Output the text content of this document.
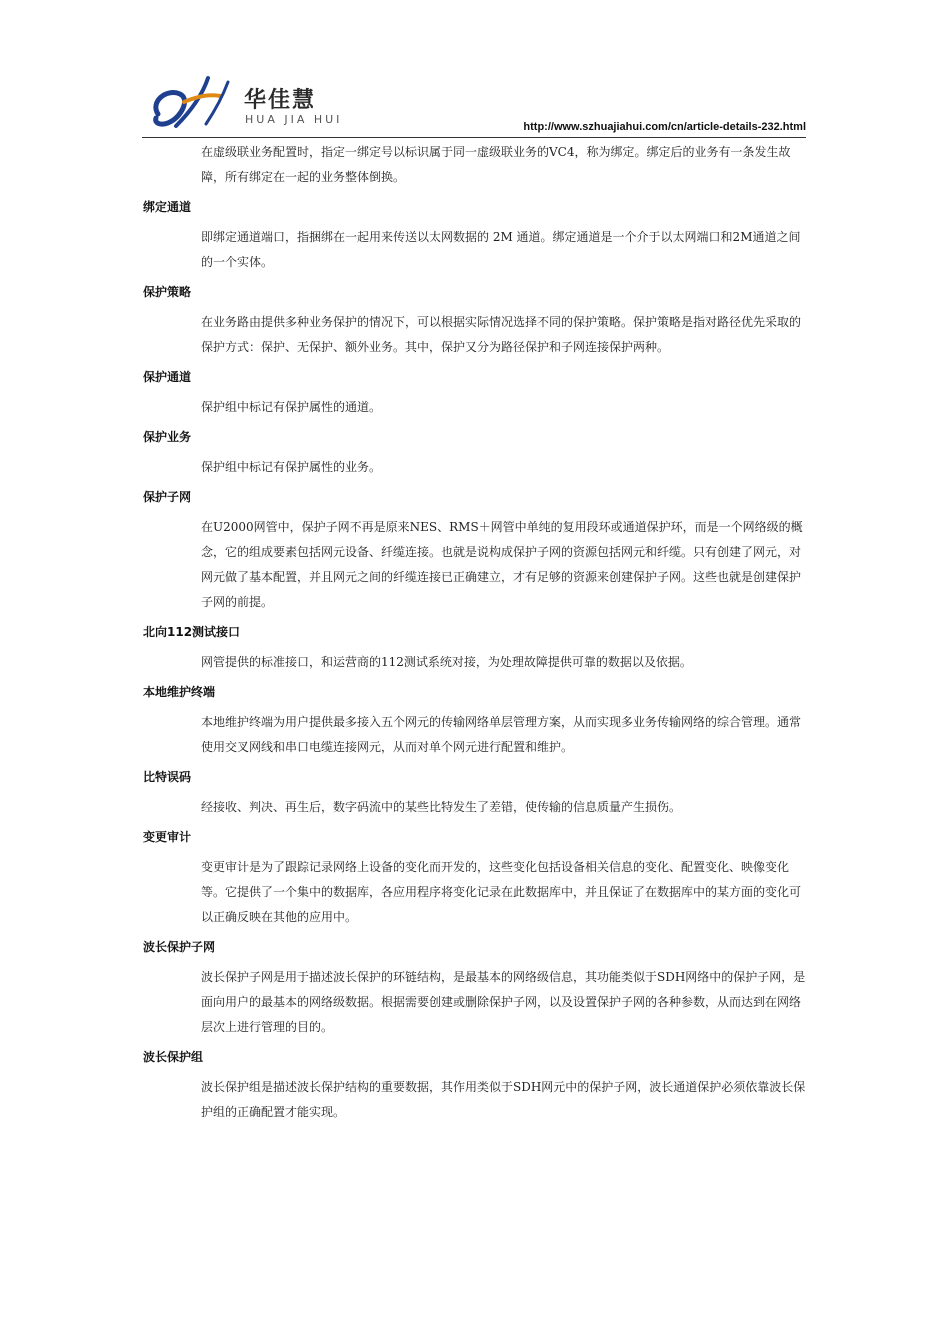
华佳慧
HUA JIA HUI
http://www.szhuajiahui.com/cn/article-details-232.html

在虚级联业务配置时，指定一绑定号以标识属于同一虚级联业务的VC4，称为绑定。绑定后的业务有一条发生故障，所有绑定在一起的业务整体倒换。

绑定通道

即绑定通道端口，指捆绑在一起用来传送以太网数据的 2M 通道。绑定通道是一个介于以太网端口和2M通道之间的一个实体。

保护策略

在业务路由提供多种业务保护的情况下，可以根据实际情况选择不同的保护策略。保护策略是指对路径优先采取的保护方式：保护、无保护、额外业务。其中，保护又分为路径保护和子网连接保护两种。

保护通道

保护组中标记有保护属性的通道。

保护业务

保护组中标记有保护属性的业务。

保护子网

在U2000网管中，保护子网不再是原来NES、RMS＋网管中单纯的复用段环或通道保护环，而是一个网络级的概念，它的组成要素包括网元设备、纤缆连接。也就是说构成保护子网的资源包括网元和纤缆。只有创建了网元，对网元做了基本配置，并且网元之间的纤缆连接已正确建立，才有足够的资源来创建保护子网。这些也就是创建保护子网的前提。

北向112测试接口

网管提供的标准接口，和运营商的112测试系统对接，为处理故障提供可靠的数据以及依据。

本地维护终端

本地维护终端为用户提供最多接入五个网元的传输网络单层管理方案，从而实现多业务传输网络的综合管理。通常使用交叉网线和串口电缆连接网元，从而对单个网元进行配置和维护。

比特误码

经接收、判决、再生后，数字码流中的某些比特发生了差错，使传输的信息质量产生损伤。

变更审计

变更审计是为了跟踪记录网络上设备的变化而开发的，这些变化包括设备相关信息的变化、配置变化、映像变化等。它提供了一个集中的数据库，各应用程序将变化记录在此数据库中，并且保证了在数据库中的某方面的变化可以正确反映在其他的应用中。

波长保护子网

波长保护子网是用于描述波长保护的环链结构，是最基本的网络级信息，其功能类似于SDH网络中的保护子网，是面向用户的最基本的网络级数据。根据需要创建或删除保护子网，以及设置保护子网的各种参数，从而达到在网络层次上进行管理的目的。

波长保护组

波长保护组是描述波长保护结构的重要数据，其作用类似于SDH网元中的保护子网，波长通道保护必须依靠波长保护组的正确配置才能实现。
